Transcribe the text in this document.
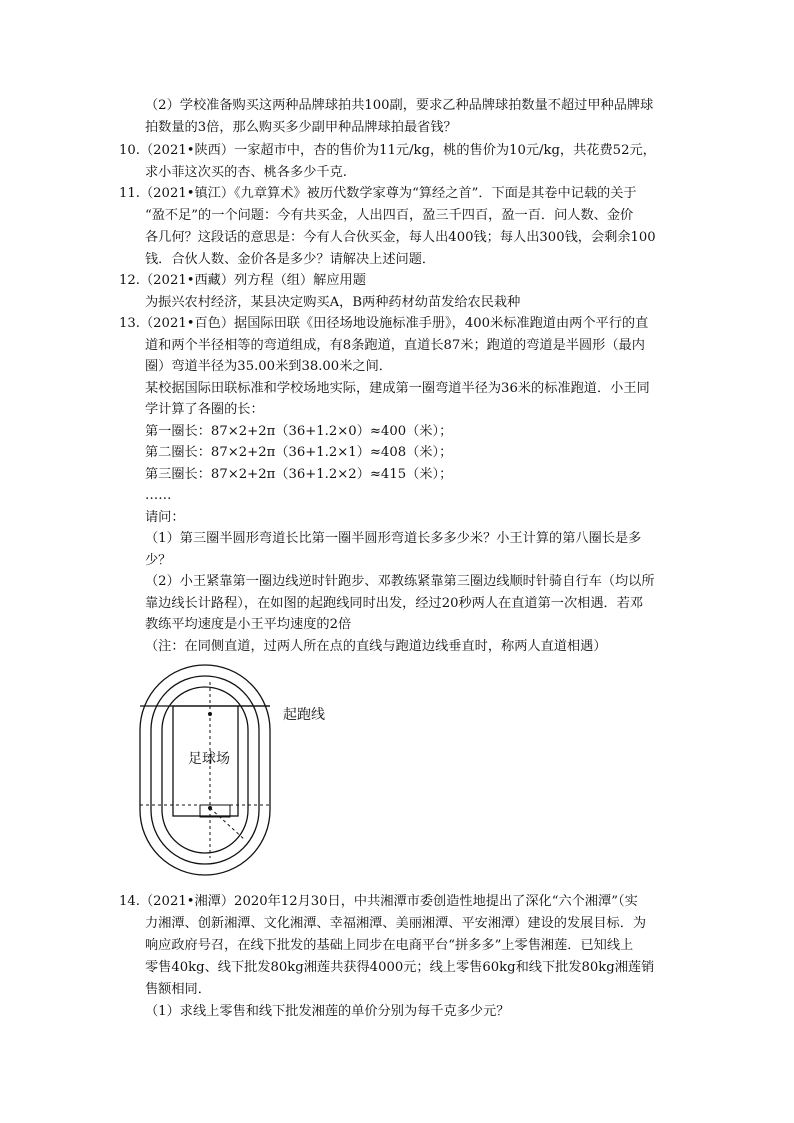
（2）学校准备购买这两种品牌球拍共100副，要求乙种品牌球拍数量不超过甲种品牌球
拍数量的3倍，那么购买多少副甲种品牌球拍最省钱？
10.（2021•陕西）一家超市中，杏的售价为11元/kg，桃的售价为10元/kg，共花费52元，
求小菲这次买的杏、桃各多少千克.
11.（2021•镇江）《九章算术》被历代数学家尊为“算经之首”．下面是其卷中记载的关于
“盈不足”的一个问题：今有共买金，人出四百，盈三千四百，盈一百．问人数、金价
各几何？这段话的意思是：今有人合伙买金，每人出400钱；每人出300钱，会剩余100
钱．合伙人数、金价各是多少？请解决上述问题．
12.（2021•西藏）列方程（组）解应用题
为振兴农村经济，某县决定购买A，B两种药材幼苗发给农民栽种
13.（2021•百色）据国际田联《田径场地设施标准手册》，400米标准跑道由两个平行的直
道和两个半径相等的弯道组成，有8条跑道，直道长87米；跑道的弯道是半圆形（最内
圈）弯道半径为35.00米到38.00米之间．
某校据国际田联标准和学校场地实际，建成第一圈弯道半径为36米的标准跑道．小王同
学计算了各圈的长：
第一圈长：87×2+2π（36+1.2×0）≈400（米）；
第二圈长：87×2+2π（36+1.2×1）≈408（米）；
第三圈长：87×2+2π（36+1.2×2）≈415（米）；
……
请问：
（1）第三圈半圆形弯道长比第一圈半圆形弯道长多多少米？小王计算的第八圈长是多
少？
（2）小王紧靠第一圈边线逆时针跑步、邓教练紧靠第三圈边线顺时针骑自行车（均以所
靠边线长计路程），在如图的起跑线同时出发，经过20秒两人在直道第一次相遇．若邓
教练平均速度是小王平均速度的2倍
（注：在同侧直道，过两人所在点的直线与跑道边线垂直时，称两人直道相遇）
起跑线
足球场
14.（2021•湘潭）2020年12月30日，中共湘潭市委创造性地提出了深化“六个湘潭”（实
力湘潭、创新湘潭、文化湘潭、幸福湘潭、美丽湘潭、平安湘潭）建设的发展目标．为
响应政府号召，在线下批发的基础上同步在电商平台“拼多多”上零售湘莲．已知线上
零售40kg、线下批发80kg湘莲共获得4000元；线上零售60kg和线下批发80kg湘莲销
售额相同．
（1）求线上零售和线下批发湘莲的单价分别为每千克多少元？
